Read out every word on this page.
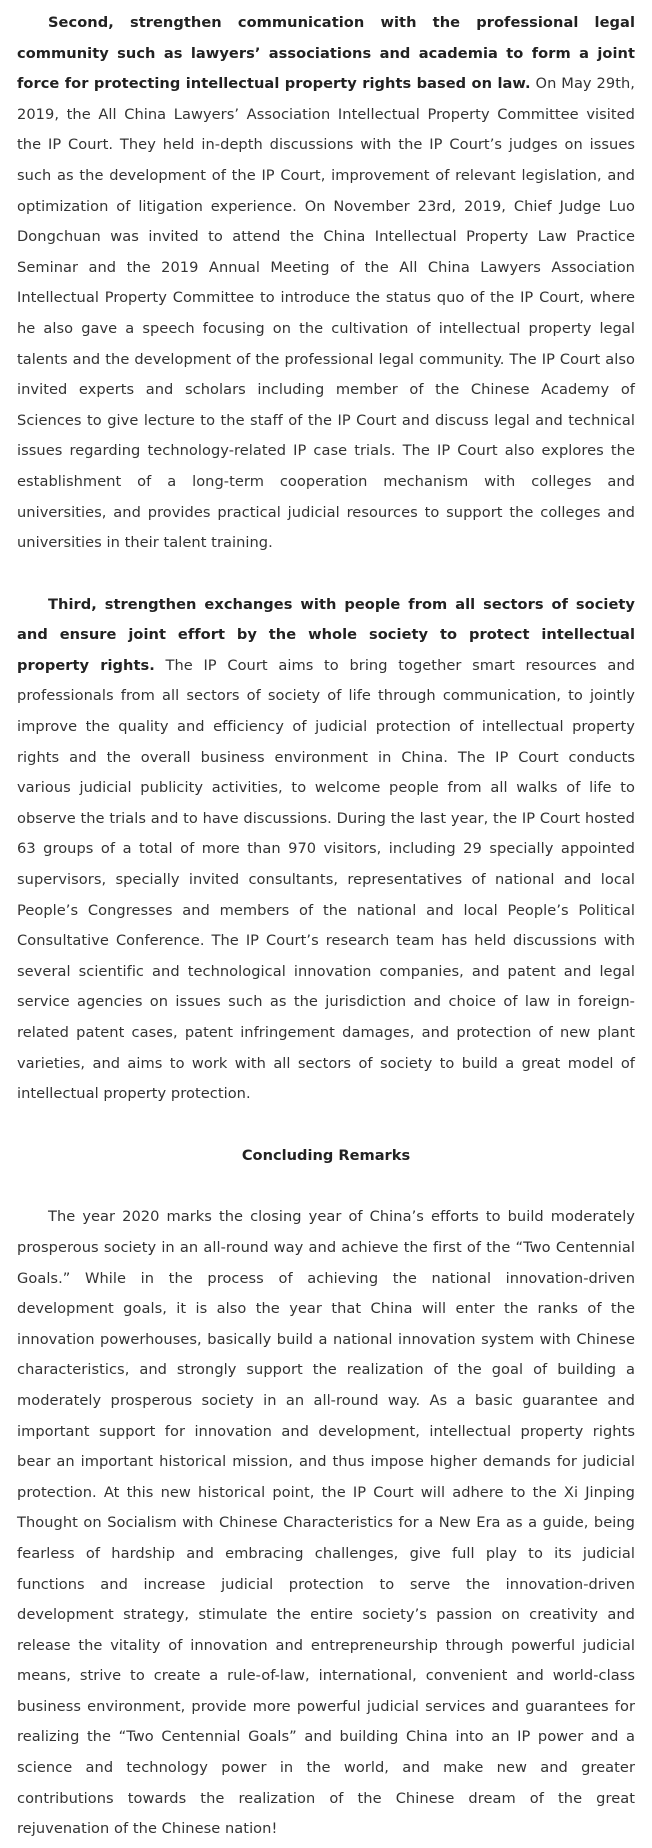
Second, strengthen communication with the professional legal community such as lawyers’ associations and academia to form a joint force for protecting intellectual property rights based on law. On May 29th, 2019, the All China Lawyers’ Association Intellectual Property Committee visited the IP Court. They held in-depth discussions with the IP Court’s judges on issues such as the development of the IP Court, improvement of relevant legislation, and optimization of litigation experience. On November 23rd, 2019, Chief Judge Luo Dongchuan was invited to attend the China Intellectual Property Law Practice Seminar and the 2019 Annual Meeting of the All China Lawyers Association Intellectual Property Committee to introduce the status quo of the IP Court, where he also gave a speech focusing on the cultivation of intellectual property legal talents and the development of the professional legal community. The IP Court also invited experts and scholars including member of the Chinese Academy of Sciences to give lecture to the staff of the IP Court and discuss legal and technical issues regarding technology-related IP case trials. The IP Court also explores the establishment of a long-term cooperation mechanism with colleges and universities, and provides practical judicial resources to support the colleges and universities in their talent training.

Third, strengthen exchanges with people from all sectors of society and ensure joint effort by the whole society to protect intellectual property rights. The IP Court aims to bring together smart resources and professionals from all sectors of society of life through communication, to jointly improve the quality and efficiency of judicial protection of intellectual property rights and the overall business environment in China. The IP Court conducts various judicial publicity activities, to welcome people from all walks of life to observe the trials and to have discussions. During the last year, the IP Court hosted 63 groups of a total of more than 970 visitors, including 29 specially appointed supervisors, specially invited consultants, representatives of national and local People’s Congresses and members of the national and local People’s Political Consultative Conference. The IP Court’s research team has held discussions with several scientific and technological innovation companies, and patent and legal service agencies on issues such as the jurisdiction and choice of law in foreign-related patent cases, patent infringement damages, and protection of new plant varieties, and aims to work with all sectors of society to build a great model of intellectual property protection.

Concluding Remarks

The year 2020 marks the closing year of China’s efforts to build moderately prosperous society in an all-round way and achieve the first of the “Two Centennial Goals.” While in the process of achieving the national innovation-driven development goals, it is also the year that China will enter the ranks of the innovation powerhouses, basically build a national innovation system with Chinese characteristics, and strongly support the realization of the goal of building a moderately prosperous society in an all-round way. As a basic guarantee and important support for innovation and development, intellectual property rights bear an important historical mission, and thus impose higher demands for judicial protection. At this new historical point, the IP Court will adhere to the Xi Jinping Thought on Socialism with Chinese Characteristics for a New Era as a guide, being fearless of hardship and embracing challenges, give full play to its judicial functions and increase judicial protection to serve the innovation-driven development strategy, stimulate the entire society’s passion on creativity and release the vitality of innovation and entrepreneurship through powerful judicial means, strive to create a rule-of-law, international, convenient and world-class business environment, provide more powerful judicial services and guarantees for realizing the “Two Centennial Goals” and building China into an IP power and a science and technology power in the world, and make new and greater contributions towards the realization of the Chinese dream of the great rejuvenation of the Chinese nation!
